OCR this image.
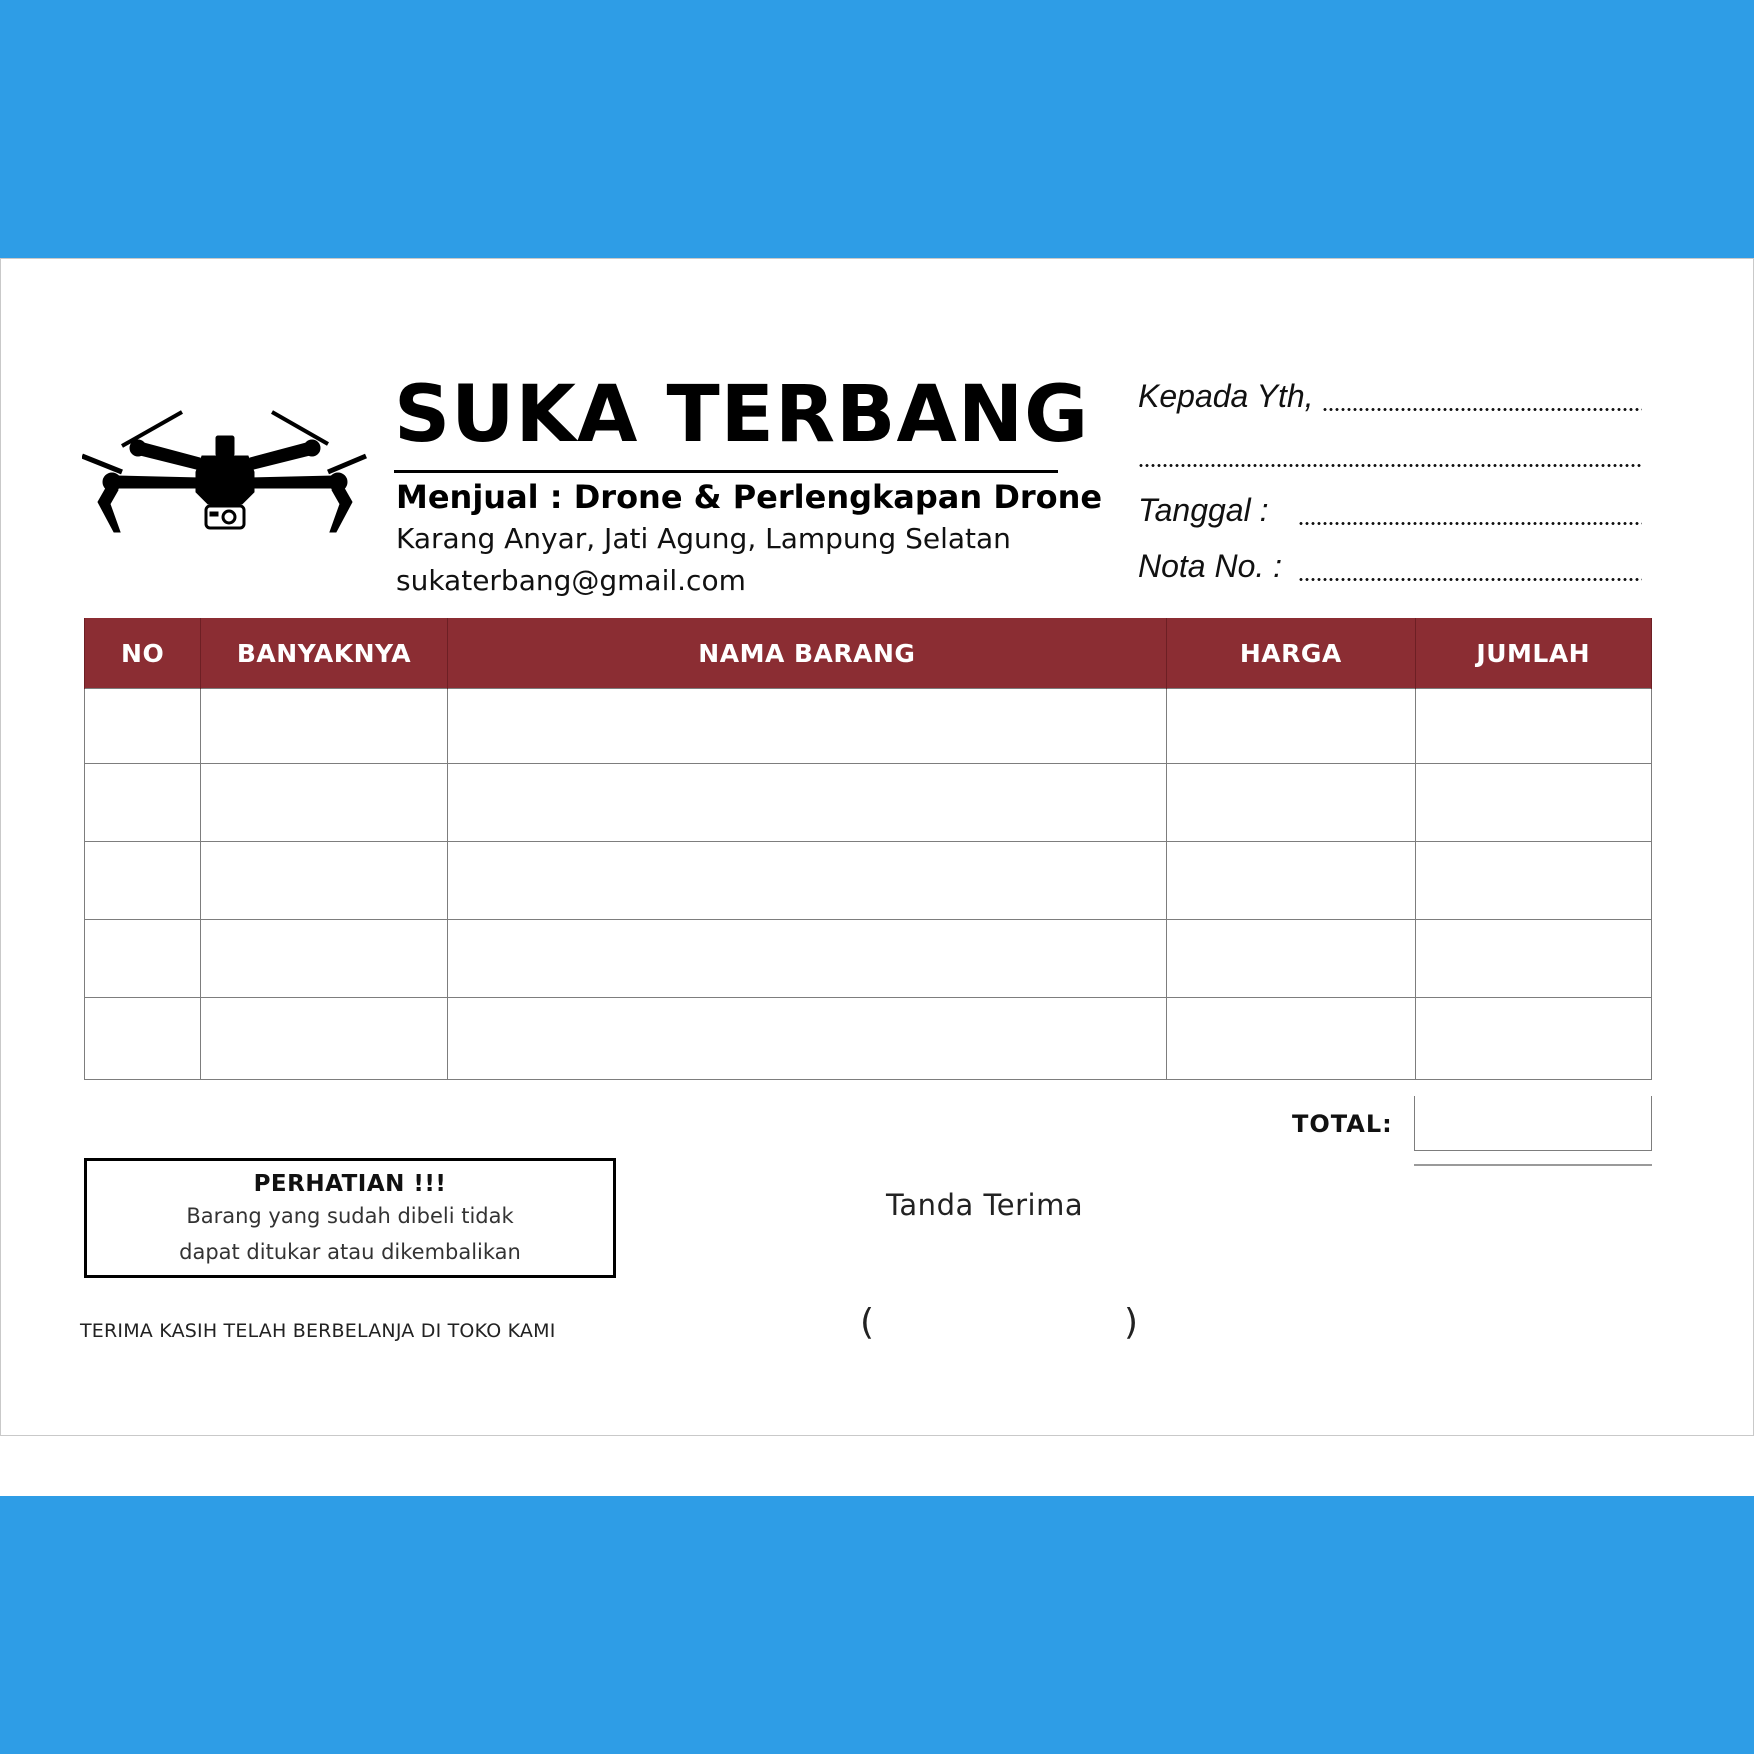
SUKA TERBANG
Menjual : Drone & Perlengkapan Drone
Karang Anyar, Jati Agung, Lampung Selatan
sukaterbang@gmail.com
Kepada Yth,
Tanggal :
Nota No. :
NO	BANYAKNYA	NAMA BARANG	HARGA	JUMLAH

TOTAL:
PERHATIAN !!!
Barang yang sudah dibeli tidak
dapat ditukar atau dikembalikan
TERIMA KASIH TELAH BERBELANJA DI TOKO KAMI
Tanda Terima
(	)
